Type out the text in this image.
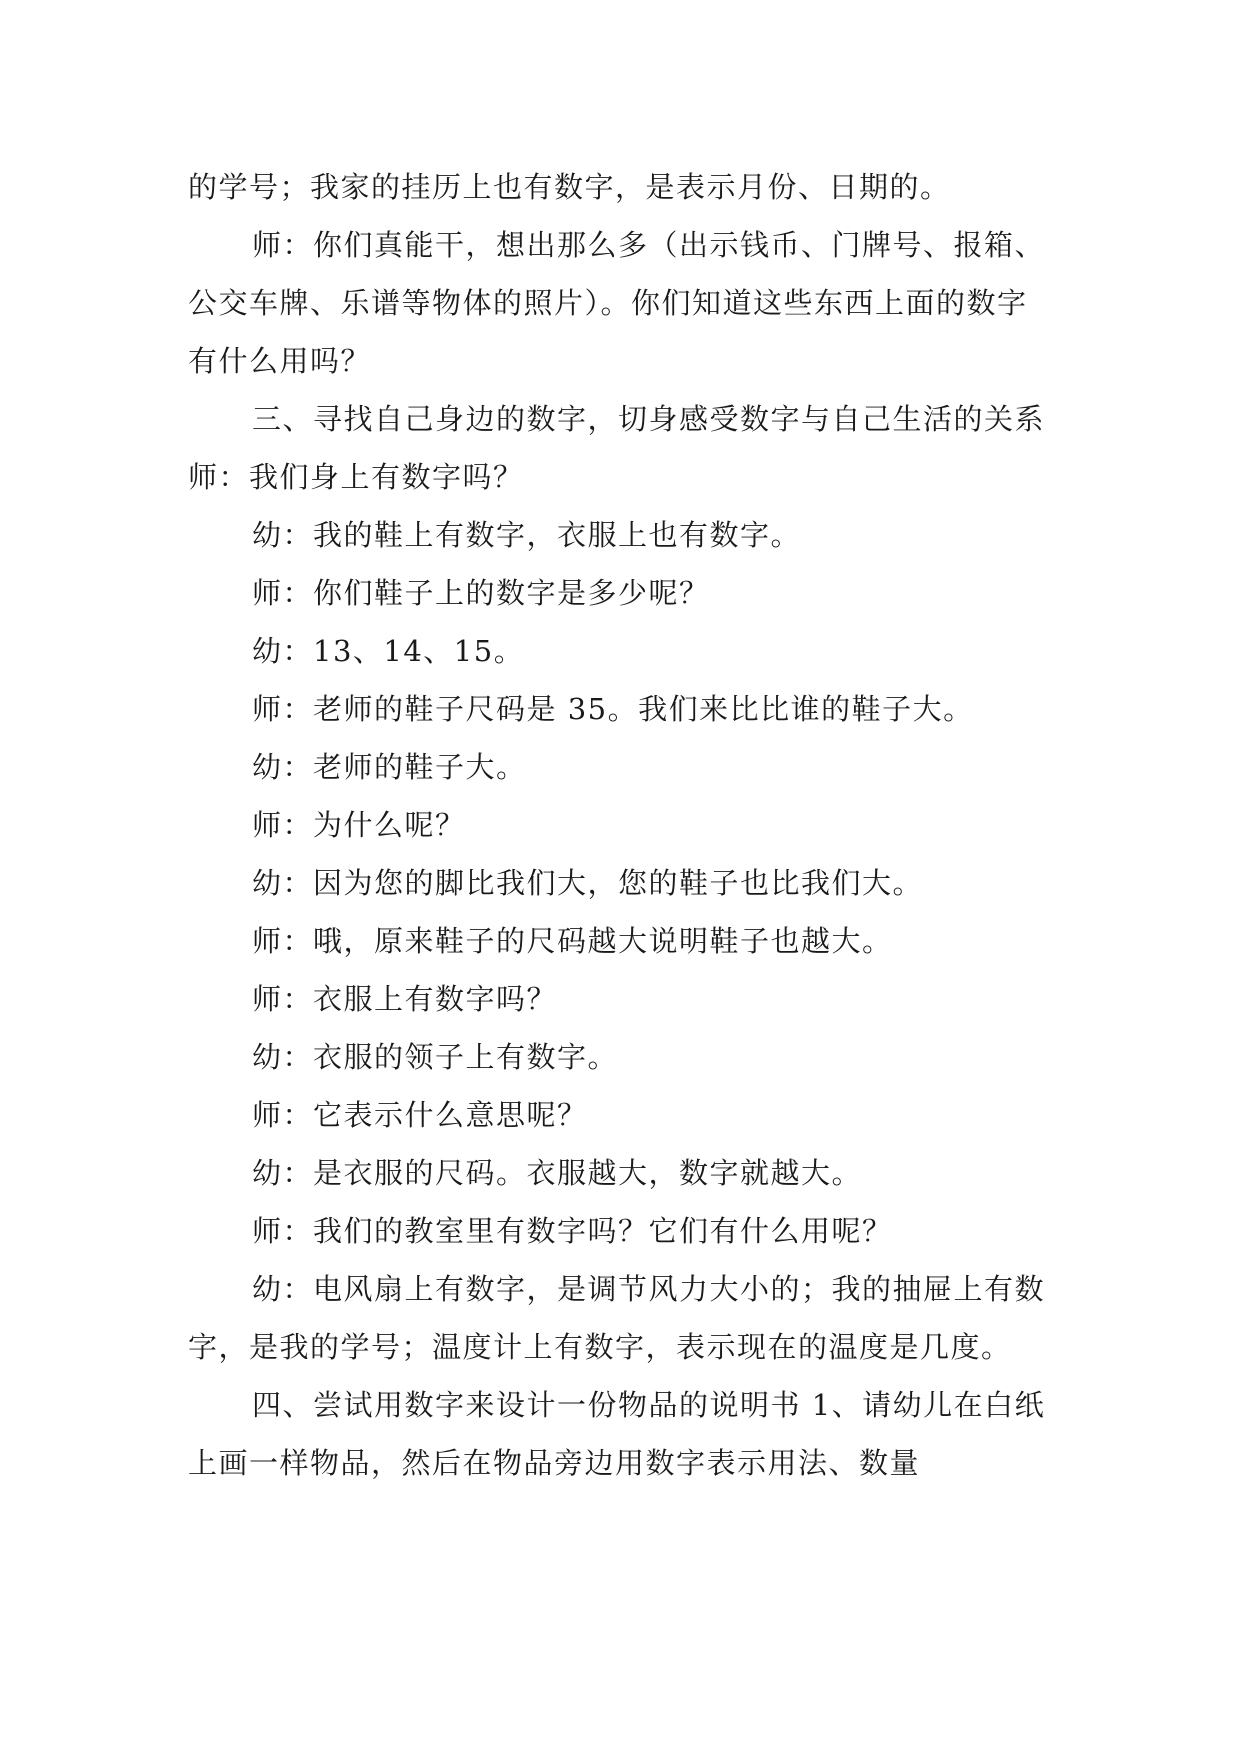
的学号；我家的挂历上也有数字，是表示月份、日期的。

师：你们真能干，想出那么多（出示钱币、门牌号、报箱、公交车牌、乐谱等物体的照片）。你们知道这些东西上面的数字有什么用吗？

三、寻找自己身边的数字，切身感受数字与自己生活的关系师：我们身上有数字吗？

幼：我的鞋上有数字，衣服上也有数字。

师：你们鞋子上的数字是多少呢？

幼：13、14、15。

师：老师的鞋子尺码是 35。我们来比比谁的鞋子大。

幼：老师的鞋子大。

师：为什么呢？

幼：因为您的脚比我们大，您的鞋子也比我们大。

师：哦，原来鞋子的尺码越大说明鞋子也越大。

师：衣服上有数字吗？

幼：衣服的领子上有数字。

师：它表示什么意思呢？

幼：是衣服的尺码。衣服越大，数字就越大。

师：我们的教室里有数字吗？它们有什么用呢？

幼：电风扇上有数字，是调节风力大小的；我的抽屉上有数字，是我的学号；温度计上有数字，表示现在的温度是几度。

四、尝试用数字来设计一份物品的说明书 1、请幼儿在白纸上画一样物品，然后在物品旁边用数字表示用法、数量
